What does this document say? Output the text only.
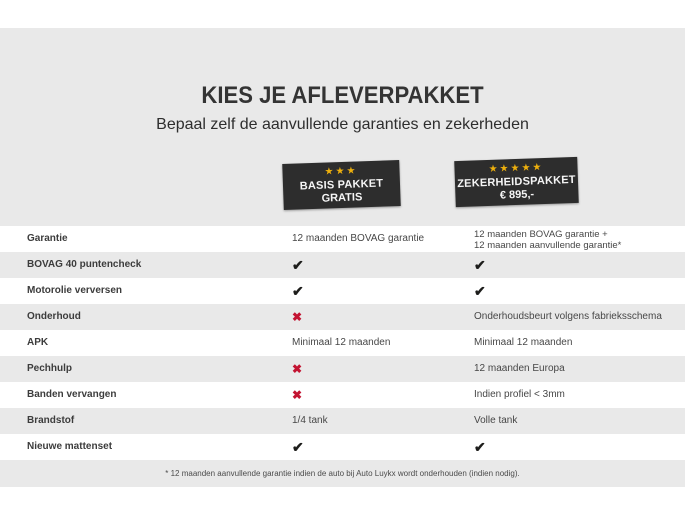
KIES JE AFLEVERPAKKET
Bepaal zelf de aanvullende garanties en zekerheden
★★★
BASIS PAKKET
GRATIS
★★★★★
ZEKERHEIDSPAKKET
€ 895,-
Garantie	12 maanden BOVAG garantie	12 maanden BOVAG garantie +
12 maanden aanvullende garantie*
BOVAG 40 puntencheck	✔	✔
Motorolie verversen	✔	✔
Onderhoud	✖	Onderhoudsbeurt volgens fabrieksschema
APK	Minimaal 12 maanden	Minimaal 12 maanden
Pechhulp	✖	12 maanden Europa
Banden vervangen	✖	Indien profiel < 3mm
Brandstof	1/4 tank	Volle tank
Nieuwe mattenset	✔	✔
* 12 maanden aanvullende garantie indien de auto bij Auto Luykx wordt onderhouden (indien nodig).
